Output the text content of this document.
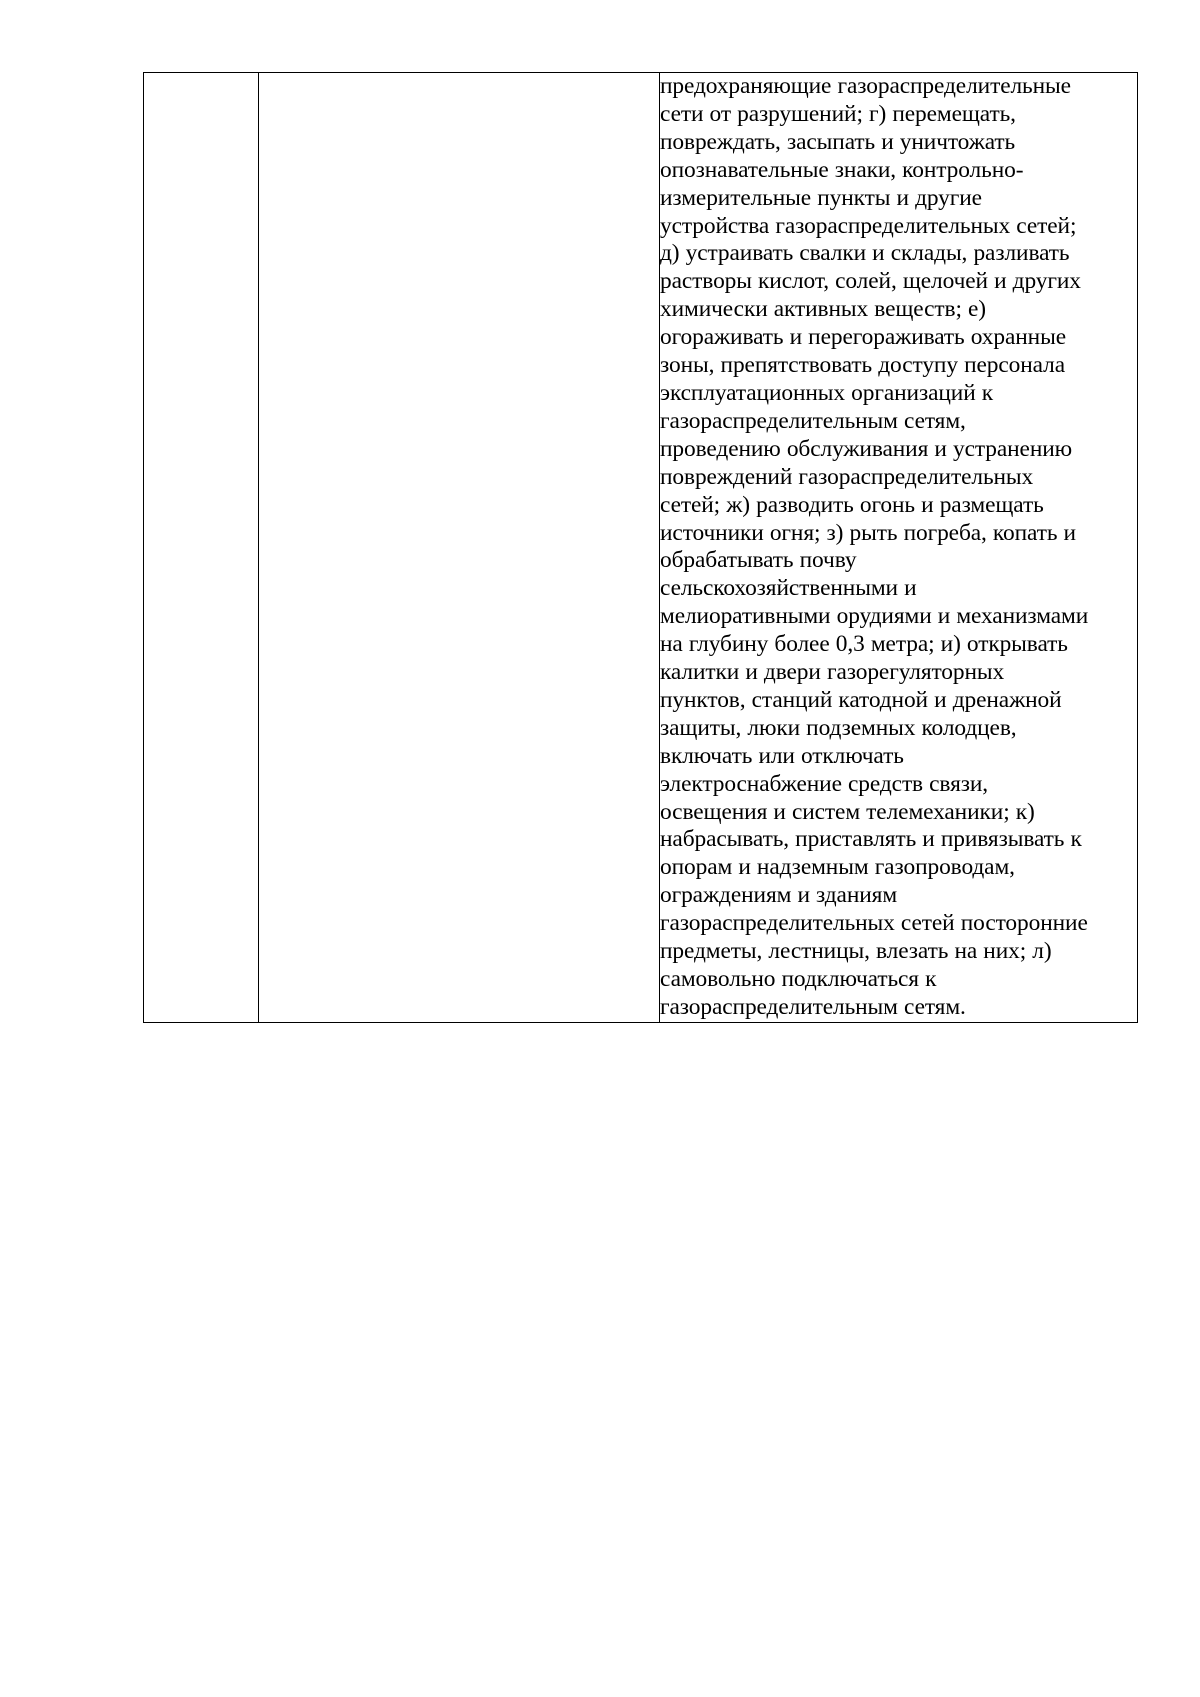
предохраняющие газораспределительные
сети от разрушений; г) перемещать,
повреждать, засыпать и уничтожать
опознавательные знаки, контрольно-
измерительные пункты и другие
устройства газораспределительных сетей;
д) устраивать свалки и склады, разливать
растворы кислот, солей, щелочей и других
химически активных веществ; е)
огораживать и перегораживать охранные
зоны, препятствовать доступу персонала
эксплуатационных организаций к
газораспределительным сетям,
проведению обслуживания и устранению
повреждений газораспределительных
сетей; ж) разводить огонь и размещать
источники огня; з) рыть погреба, копать и
обрабатывать почву
сельскохозяйственными и
мелиоративными орудиями и механизмами
на глубину более 0,3 метра; и) открывать
калитки и двери газорегуляторных
пунктов, станций катодной и дренажной
защиты, люки подземных колодцев,
включать или отключать
электроснабжение средств связи,
освещения и систем телемеханики; к)
набрасывать, приставлять и привязывать к
опорам и надземным газопроводам,
ограждениям и зданиям
газораспределительных сетей посторонние
предметы, лестницы, влезать на них; л)
самовольно подключаться к
газораспределительным сетям.
